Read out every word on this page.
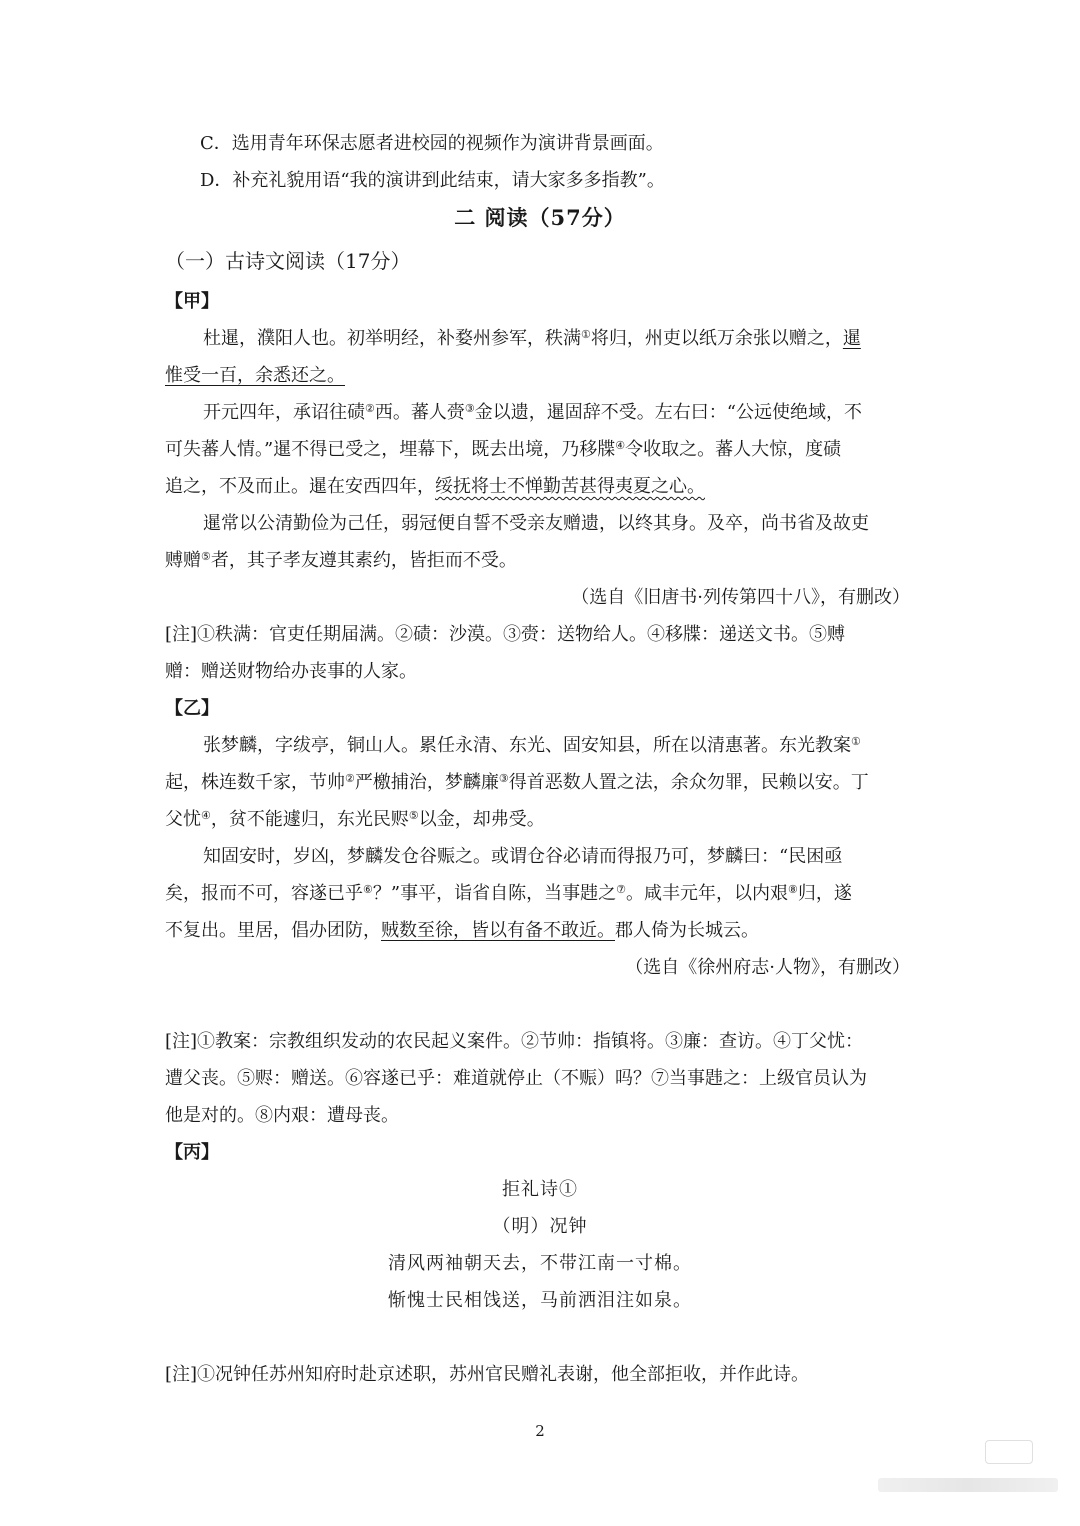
C．选用青年环保志愿者进校园的视频作为演讲背景画面。
D．补充礼貌用语“我的演讲到此结束，请大家多多指教”。
二 阅读（57分）
（一）古诗文阅读（17分）
【甲】
杜暹，濮阳人也。初举明经，补婺州参军，秩满①将归，州吏以纸万余张以赠之，暹
惟受一百，余悉还之。
开元四年，承诏往碛②西。蕃人赍③金以遗，暹固辞不受。左右曰：“公远使绝域，不
可失蕃人情。”暹不得已受之，埋幕下，既去出境，乃移牒④令收取之。蕃人大惊，度碛
追之，不及而止。暹在安西四年，绥抚将士不惮勤苦甚得夷夏之心。
暹常以公清勤俭为己任，弱冠便自誓不受亲友赠遗，以终其身。及卒，尚书省及故吏
赙赠⑤者，其子孝友遵其素约，皆拒而不受。
（选自《旧唐书·列传第四十八》，有删改）
[注]①秩满：官吏任期届满。②碛：沙漠。③赍：送物给人。④移牒：递送文书。⑤赙
赠：赠送财物给办丧事的人家。
【乙】
张梦麟，字绂亭，铜山人。累任永清、东光、固安知县，所在以清惠著。东光教案①
起，株连数千家，节帅②严檄捕治，梦麟廉③得首恶数人置之法，余众勿罪，民赖以安。丁
父忧④，贫不能遽归，东光民赆⑤以金，却弗受。
知固安时，岁凶，梦麟发仓谷赈之。或谓仓谷必请而得报乃可，梦麟曰：“民困亟
矣，报而不可，容遂已乎⑥？”事平，诣省自陈，当事韪之⑦。咸丰元年，以内艰⑧归，遂
不复出。里居，倡办团防，贼数至徐，皆以有备不敢近。郡人倚为长城云。
（选自《徐州府志·人物》，有删改）
[注]①教案：宗教组织发动的农民起义案件。②节帅：指镇将。③廉：查访。④丁父忧：
遭父丧。⑤赆：赠送。⑥容遂已乎：难道就停止（不赈）吗？⑦当事韪之：上级官员认为
他是对的。⑧内艰：遭母丧。
【丙】
拒礼诗①
（明）况钟
清风两袖朝天去，不带江南一寸棉。
惭愧士民相饯送，马前洒泪注如泉。
[注]①况钟任苏州知府时赴京述职，苏州官民赠礼表谢，他全部拒收，并作此诗。
2
